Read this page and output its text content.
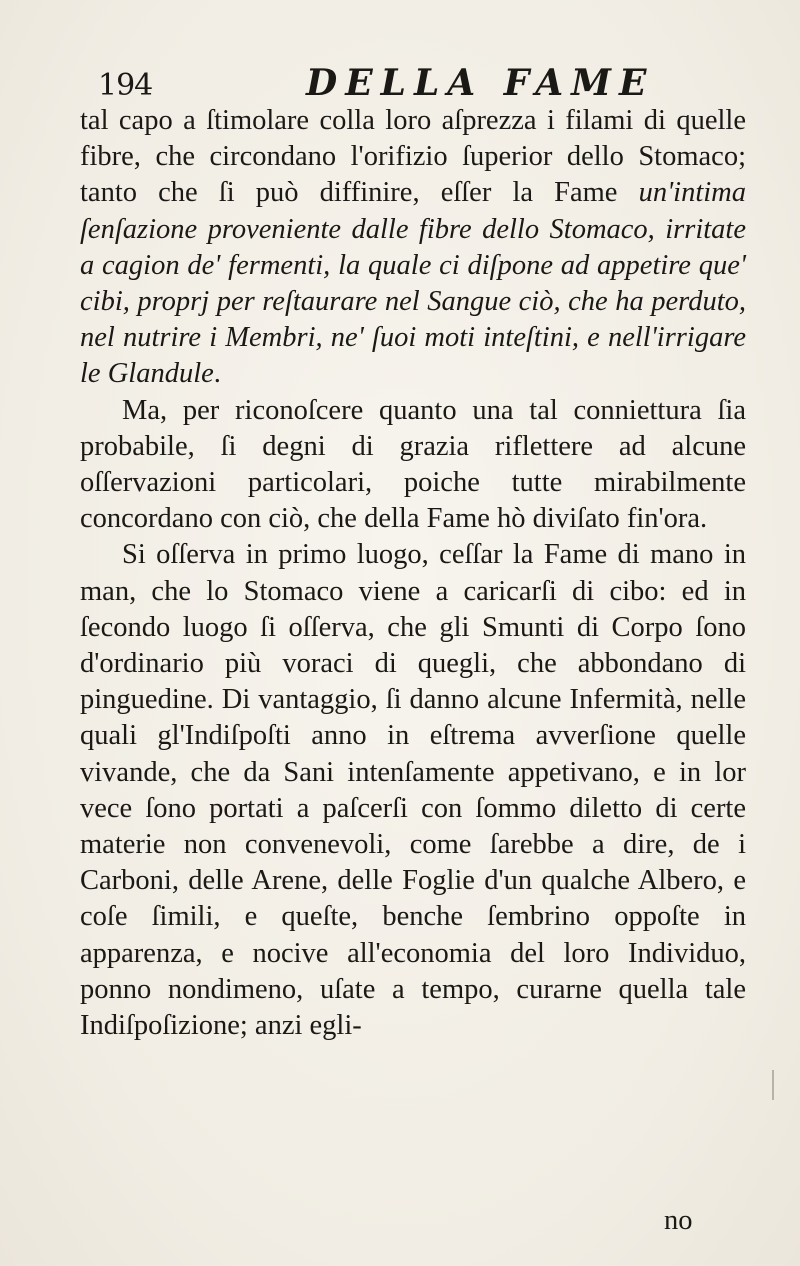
194	DELLA FAME

tal capo a ſtimolare colla loro aſprezza i filami di quelle fibre, che circondano l'orifizio ſuperior dello Stomaco; tanto che ſi può diffinire, eſſer la Fame un'intima ſenſazione proveniente dalle fibre dello Stomaco, irritate a cagion de' fermenti, la quale ci diſpone ad appetire que' cibi, proprj per reſtaurare nel Sangue ciò, che ha perduto, nel nutrire i Membri, ne' ſuoi moti inteſtini, e nell'irrigare le Glandule.

Ma, per riconoſcere quanto una tal conniettura ſia probabile, ſi degni di grazia riflettere ad alcune oſſervazioni particolari, poiche tutte mirabilmente concordano con ciò, che della Fame hò diviſato fin'ora.

Si oſſerva in primo luogo, ceſſar la Fame di mano in man, che lo Stomaco viene a caricarſi di cibo: ed in ſecondo luogo ſi oſſerva, che gli Smunti di Corpo ſono d'ordinario più voraci di quegli, che abbondano di pinguedine. Di vantaggio, ſi danno alcune Infermità, nelle quali gl'Indiſpoſti anno in eſtrema avverſione quelle vivande, che da Sani intenſamente appetivano, e in lor vece ſono portati a paſcerſi con ſommo diletto di certe materie non convenevoli, come ſarebbe a dire, de i Carboni, delle Arene, delle Foglie d'un qualche Albero, e coſe ſimili, e queſte, benche ſembrino oppoſte in apparenza, e nocive all'economia del loro Individuo, ponno nondimeno, uſate a tempo, curarne quella tale Indiſpoſizione; anzi egli-

no
